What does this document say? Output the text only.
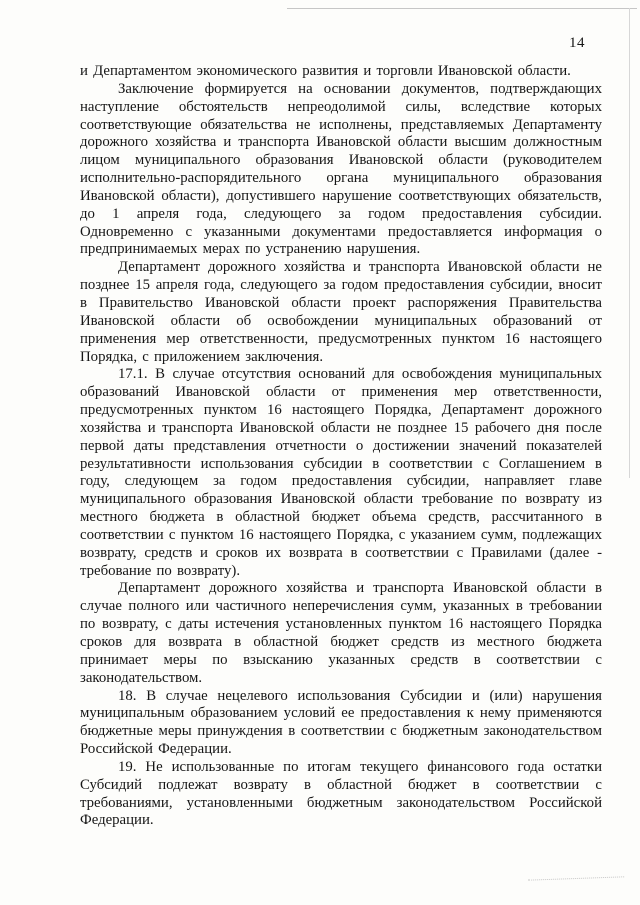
14

и Департаментом экономического развития и торговли Ивановской области.

Заключение формируется на основании документов, подтверждающих наступление обстоятельств непреодолимой силы, вследствие которых соответствующие обязательства не исполнены, представляемых Департаменту дорожного хозяйства и транспорта Ивановской области высшим должностным лицом муниципального образования Ивановской области (руководителем исполнительно-распорядительного органа муниципального образования Ивановской области), допустившего нарушение соответствующих обязательств, до 1 апреля года, следующего за годом предоставления субсидии. Одновременно с указанными документами предоставляется информация о предпринимаемых мерах по устранению нарушения.

Департамент дорожного хозяйства и транспорта Ивановской области не позднее 15 апреля года, следующего за годом предоставления субсидии, вносит в Правительство Ивановской области проект распоряжения Правительства Ивановской области об освобождении муниципальных образований от применения мер ответственности, предусмотренных пунктом 16 настоящего Порядка, с приложением заключения.

17.1. В случае отсутствия оснований для освобождения муниципальных образований Ивановской области от применения мер ответственности, предусмотренных пунктом 16 настоящего Порядка, Департамент дорожного хозяйства и транспорта Ивановской области не позднее 15 рабочего дня после первой даты представления отчетности о достижении значений показателей результативности использования субсидии в соответствии с Соглашением в году, следующем за годом предоставления субсидии, направляет главе муниципального образования Ивановской области требование по возврату из местного бюджета в областной бюджет объема средств, рассчитанного в соответствии с пунктом 16 настоящего Порядка, с указанием сумм, подлежащих возврату, средств и сроков их возврата в соответствии с Правилами (далее - требование по возврату).

Департамент дорожного хозяйства и транспорта Ивановской области в случае полного или частичного неперечисления сумм, указанных в требовании по возврату, с даты истечения установленных пунктом 16 настоящего Порядка сроков для возврата в областной бюджет средств из местного бюджета принимает меры по взысканию указанных средств в соответствии с законодательством.

18. В случае нецелевого использования Субсидии и (или) нарушения муниципальным образованием условий ее предоставления к нему применяются бюджетные меры принуждения в соответствии с бюджетным законодательством Российской Федерации.

19. Не использованные по итогам текущего финансового года остатки Субсидий подлежат возврату в областной бюджет в соответствии с требованиями, установленными бюджетным законодательством Российской Федерации.
